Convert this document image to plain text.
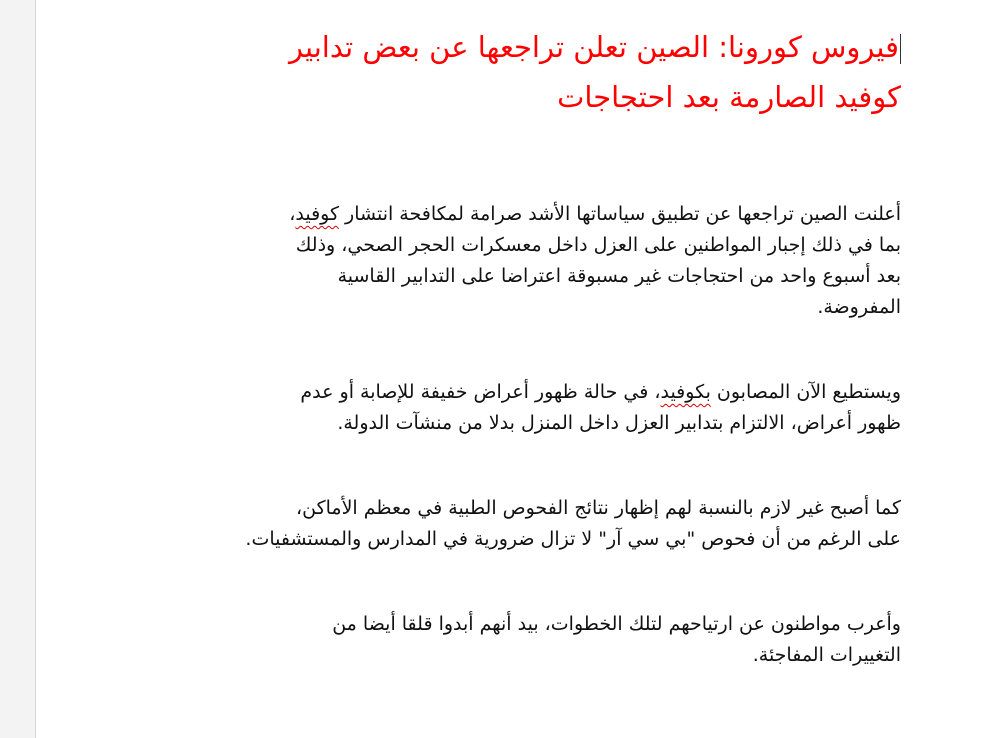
فيروس كورونا: الصين تعلن تراجعها عن بعض تدابير
كوفيد الصارمة بعد احتجاجات

أعلنت الصين تراجعها عن تطبيق سياساتها الأشد صرامة لمكافحة انتشار كوفيد،
بما في ذلك إجبار المواطنين على العزل داخل معسكرات الحجر الصحي، وذلك
بعد أسبوع واحد من احتجاجات غير مسبوقة اعتراضا على التدابير القاسية
المفروضة.

ويستطيع الآن المصابون بكوفيد، في حالة ظهور أعراض خفيفة للإصابة أو عدم
ظهور أعراض، الالتزام بتدابير العزل داخل المنزل بدلا من منشآت الدولة.

كما أصبح غير لازم بالنسبة لهم إظهار نتائج الفحوص الطبية في معظم الأماكن،
على الرغم من أن فحوص "بي سي آر" لا تزال ضرورية في المدارس والمستشفيات.

وأعرب مواطنون عن ارتياحهم لتلك الخطوات، بيد أنهم أبدوا قلقا أيضا من
التغييرات المفاجئة.
